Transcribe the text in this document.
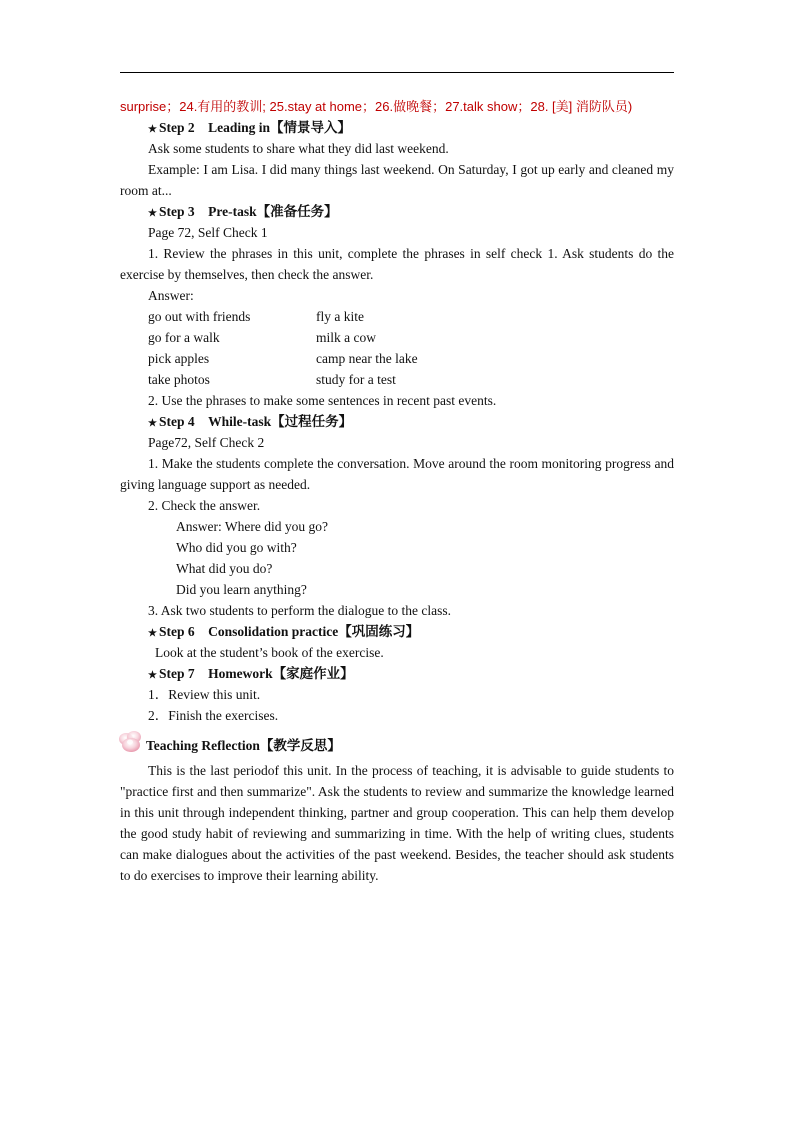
surprise；24.有用的教训; 25.stay at home；26.做晚餐；27.talk show；28. [美] 消防队员)
★ Step 2 Leading in【情景导入】
Ask some students to share what they did last weekend.
Example: I am Lisa. I did many things last weekend. On Saturday, I got up early and cleaned my room at...
★ Step 3 Pre-task【准备任务】
Page 72, Self Check 1
1. Review the phrases in this unit, complete the phrases in self check 1. Ask students do the exercise by themselves, then check the answer.
Answer:
go out with friends	fly a kite
go for a walk	milk a cow
pick apples	camp near the lake
take photos	study for a test
2. Use the phrases to make some sentences in recent past events.
★ Step 4 While-task【过程任务】
Page72, Self Check 2
1. Make the students complete the conversation. Move around the room monitoring progress and giving language support as needed.
2. Check the answer.
Answer: Where did you go?
Who did you go with?
What did you do?
Did you learn anything?
3. Ask two students to perform the dialogue to the class.
★ Step 6 Consolidation practice【巩固练习】
Look at the student’s book of the exercise.
★ Step 7 Homework【家庭作业】
1．Review this unit.
2．Finish the exercises.
Teaching Reflection【教学反思】
This is the last periodof this unit. In the process of teaching, it is advisable to guide students to "practice first and then summarize". Ask the students to review and summarize the knowledge learned in this unit through independent thinking, partner and group cooperation. This can help them develop the good study habit of reviewing and summarizing in time. With the help of writing clues, students can make dialogues about the activities of the past weekend. Besides, the teacher should ask students to do exercises to improve their learning ability.
